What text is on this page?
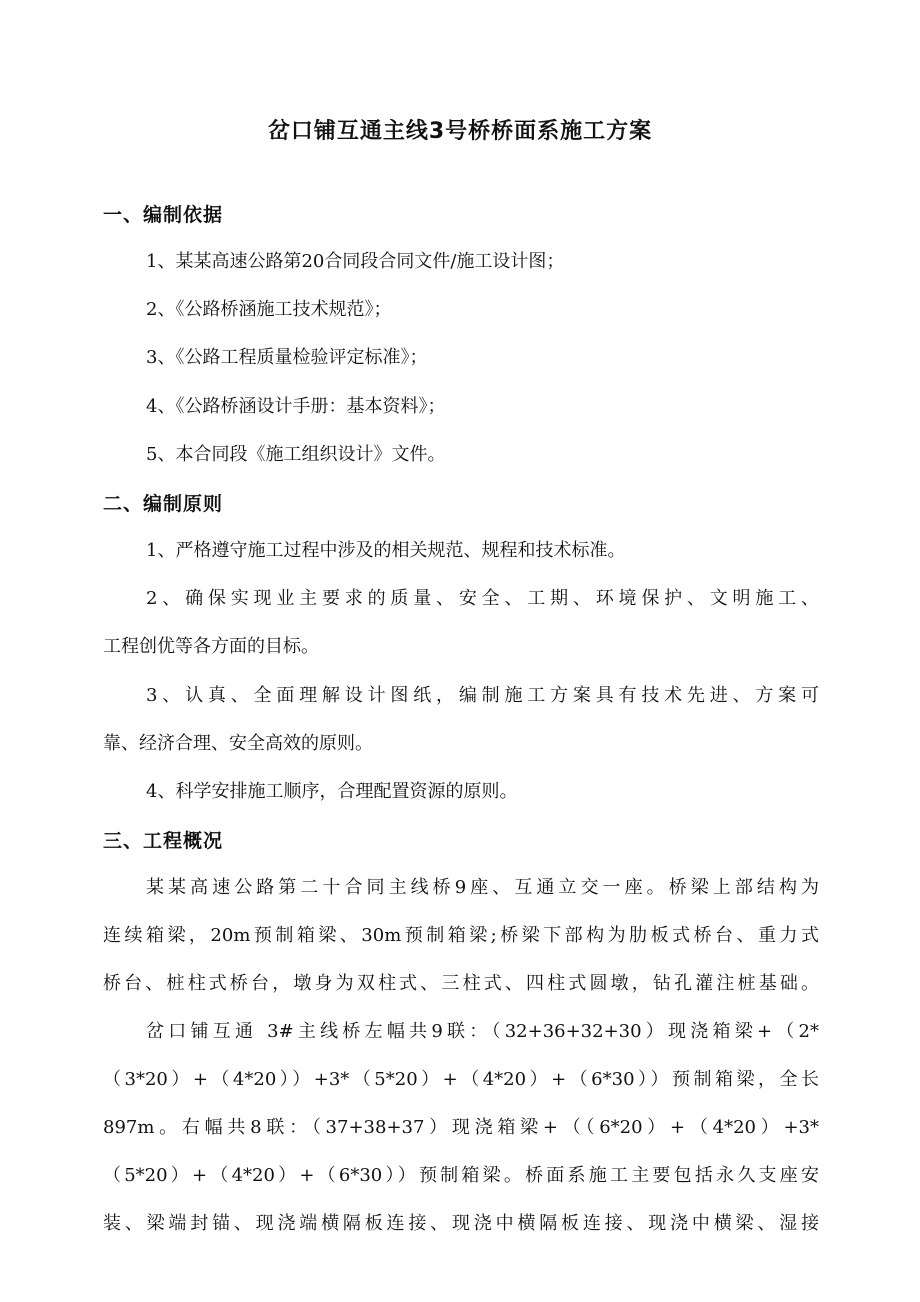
岔口铺互通主线3号桥桥面系施工方案
一、编制依据
1、某某高速公路第20合同段合同文件/施工设计图；
2、《公路桥涵施工技术规范》；
3、《公路工程质量检验评定标准》；
4、《公路桥涵设计手册：基本资料》；
5、本合同段《施工组织设计》文件。
二、编制原则
1、严格遵守施工过程中涉及的相关规范、规程和技术标准。
2、确保实现业主要求的质量、安全、工期、环境保护、文明施工、
工程创优等各方面的目标。
3、认真、全面理解设计图纸，编制施工方案具有技术先进、方案可
靠、经济合理、安全高效的原则。
4、科学安排施工顺序，合理配置资源的原则。
三、工程概况
某某高速公路第二十合同主线桥9座、互通立交一座。桥梁上部结构为
连续箱梁，20m预制箱梁、30m预制箱梁;桥梁下部构为肋板式桥台、重力式
桥台、桩柱式桥台，墩身为双柱式、三柱式、四柱式圆墩，钻孔灌注桩基础。
岔口铺互通 3#主线桥左幅共9联：（32+36+32+30）现浇箱梁+（2*
（3*20）+（4*20））+3*（5*20）+（4*20）+（6*30））预制箱梁，全长
897m。右幅共8联：（37+38+37）现浇箱梁+（（6*20）+（4*20）+3*
（5*20）+（4*20）+（6*30））预制箱梁。桥面系施工主要包括永久支座安
装、梁端封锚、现浇端横隔板连接、现浇中横隔板连接、现浇中横梁、湿接
